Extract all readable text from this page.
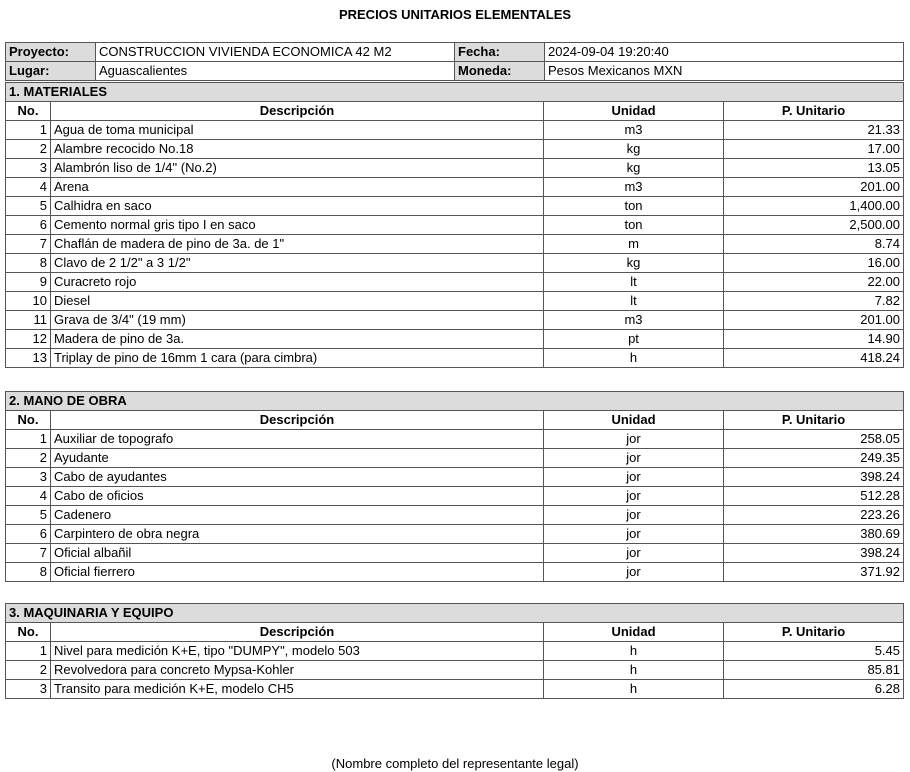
PRECIOS UNITARIOS ELEMENTALES
Proyecto:	CONSTRUCCION VIVIENDA ECONOMICA 42 M2	Fecha:	2024-09-04 19:20:40
Lugar:	Aguascalientes	Moneda:	Pesos Mexicanos MXN
1. MATERIALES			
No.	Descripción	Unidad	P. Unitario
1	Agua de toma municipal	m3	21.33
2	Alambre recocido No.18	kg	17.00
3	Alambrón liso de 1/4" (No.2)	kg	13.05
4	Arena	m3	201.00
5	Calhidra en saco	ton	1,400.00
6	Cemento normal gris tipo I en saco	ton	2,500.00
7	Chaflán de madera de pino de 3a. de 1"	m	8.74
8	Clavo de 2 1/2" a 3 1/2"	kg	16.00
9	Curacreto rojo	lt	22.00
10	Diesel	lt	7.82
11	Grava de 3/4" (19 mm)	m3	201.00
12	Madera de pino de 3a.	pt	14.90
13	Triplay de pino de 16mm 1 cara (para cimbra)	h	418.24
2. MANO DE OBRA			
No.	Descripción	Unidad	P. Unitario
1	Auxiliar de topografo	jor	258.05
2	Ayudante	jor	249.35
3	Cabo de ayudantes	jor	398.24
4	Cabo de oficios	jor	512.28
5	Cadenero	jor	223.26
6	Carpintero de obra negra	jor	380.69
7	Oficial albañil	jor	398.24
8	Oficial fierrero	jor	371.92
3. MAQUINARIA Y EQUIPO			
No.	Descripción	Unidad	P. Unitario
1	Nivel para medición K+E, tipo "DUMPY", modelo 503	h	5.45
2	Revolvedora para concreto Mypsa-Kohler	h	85.81
3	Transito para medición K+E, modelo CH5	h	6.28
(Nombre completo del representante legal)
